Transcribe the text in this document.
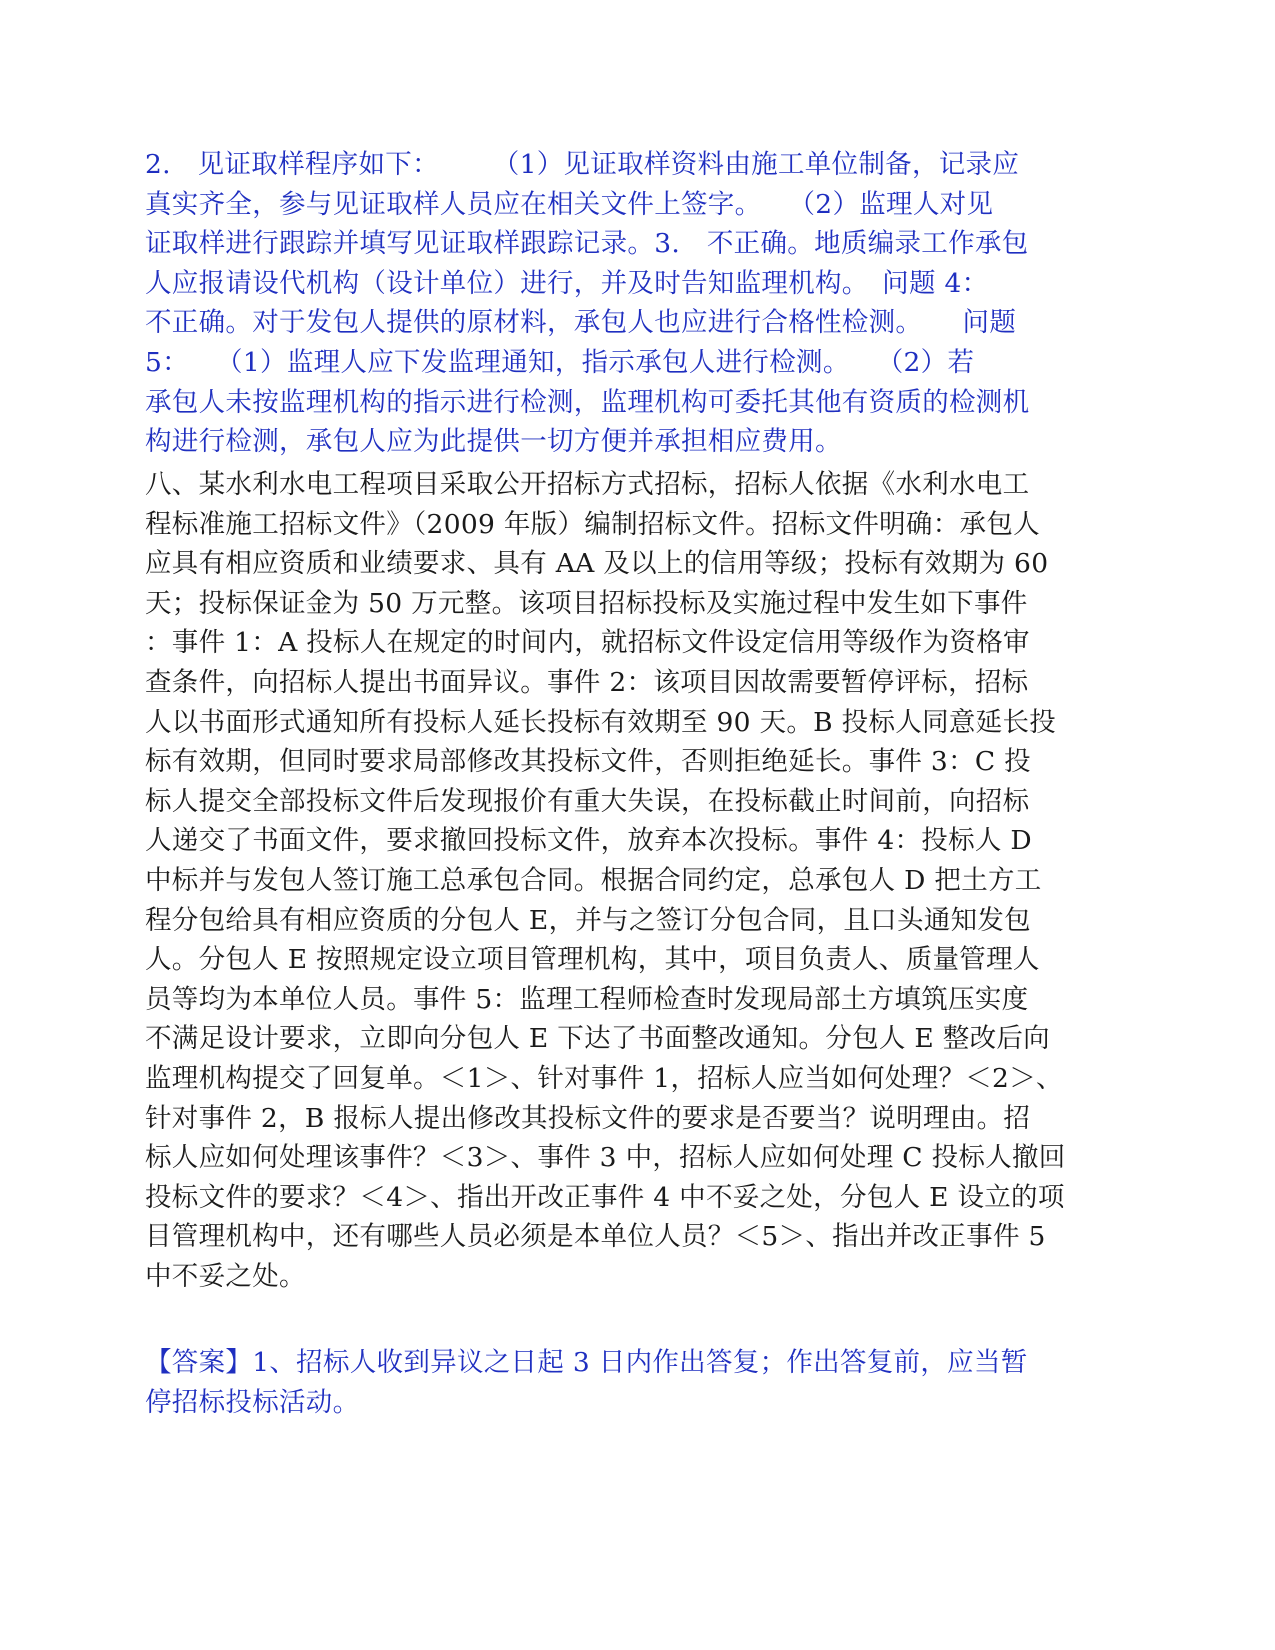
2.　见证取样程序如下：　　　（1）见证取样资料由施工单位制备，记录应
真实齐全，参与见证取样人员应在相关文件上签字。　　（2）监理人对见
证取样进行跟踪并填写见证取样跟踪记录。3.　不正确。地质编录工作承包
人应报请设代机构（设计单位）进行，并及时告知监理机构。　问题 4：
不正确。对于发包人提供的原材料，承包人也应进行合格性检测。　　问题
5：　　（1）监理人应下发监理通知，指示承包人进行检测。　　（2）若
承包人未按监理机构的指示进行检测，监理机构可委托其他有资质的检测机
构进行检测，承包人应为此提供一切方便并承担相应费用。
八、某水利水电工程项目采取公开招标方式招标，招标人依据《水利水电工
程标准施工招标文件》（2009 年版）编制招标文件。招标文件明确：承包人
应具有相应资质和业绩要求、具有 AA 及以上的信用等级；投标有效期为 60
天；投标保证金为 50 万元整。该项目招标投标及实施过程中发生如下事件
：事件 1：A 投标人在规定的时间内，就招标文件设定信用等级作为资格审
查条件，向招标人提出书面异议。事件 2：该项目因故需要暂停评标，招标
人以书面形式通知所有投标人延长投标有效期至 90 天。B 投标人同意延长投
标有效期，但同时要求局部修改其投标文件，否则拒绝延长。事件 3：C 投
标人提交全部投标文件后发现报价有重大失误，在投标截止时间前，向招标
人递交了书面文件，要求撤回投标文件，放弃本次投标。事件 4：投标人 D
中标并与发包人签订施工总承包合同。根据合同约定，总承包人 D 把土方工
程分包给具有相应资质的分包人 E，并与之签订分包合同，且口头通知发包
人。分包人 E 按照规定设立项目管理机构，其中，项目负责人、质量管理人
员等均为本单位人员。事件 5：监理工程师检查时发现局部土方填筑压实度
不满足设计要求，立即向分包人 E 下达了书面整改通知。分包人 E 整改后向
监理机构提交了回复单。＜1＞、针对事件 1，招标人应当如何处理？＜2＞、
针对事件 2，B 报标人提出修改其投标文件的要求是否要当？说明理由。招
标人应如何处理该事件？＜3＞、事件 3 中，招标人应如何处理 C 投标人撤回
投标文件的要求？＜4＞、指出开改正事件 4 中不妥之处，分包人 E 设立的项
目管理机构中，还有哪些人员必须是本单位人员？＜5＞、指出并改正事件 5
中不妥之处。
【答案】1、招标人收到异议之日起 3 日内作出答复；作出答复前，应当暂
停招标投标活动。
